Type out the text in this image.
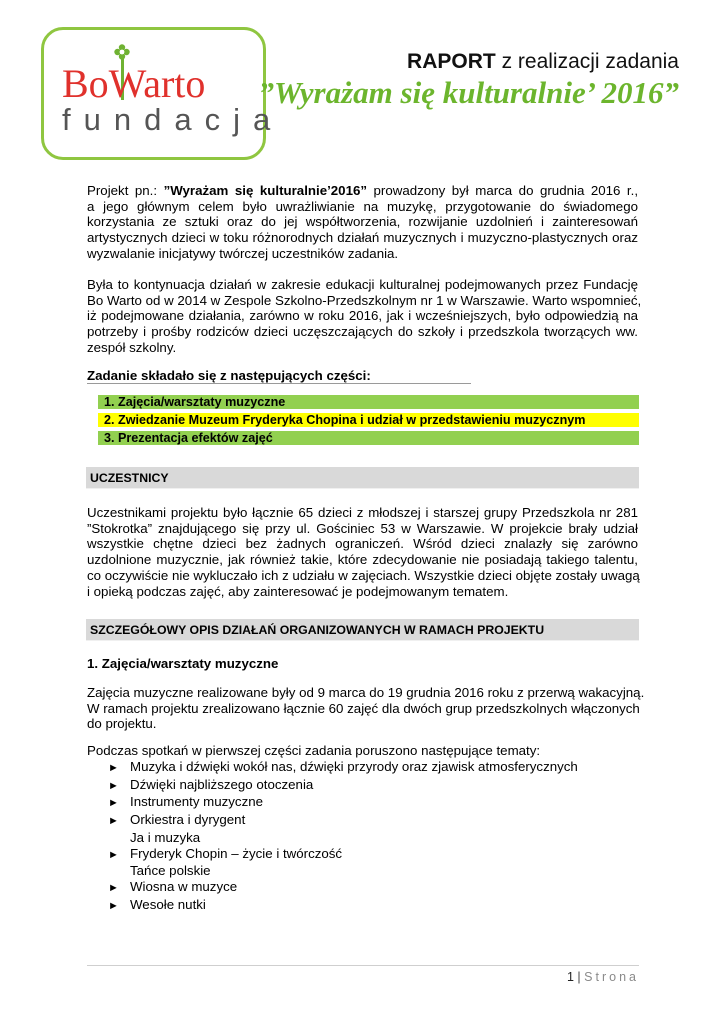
BoWarto
fundacja
RAPORT z realizacji zadania
”Wyrażam się kulturalnie’ 2016”
Projekt pn.: ”Wyrażam się kulturalnie’2016” prowadzony był marca do grudnia 2016 r.,
a jego głównym celem było uwrażliwianie na muzykę, przygotowanie do świadomego
korzystania ze sztuki oraz do jej współtworzenia, rozwijanie uzdolnień i zainteresowań
artystycznych dzieci w toku różnorodnych działań muzycznych i muzyczno-plastycznych oraz
wyzwalanie inicjatywy twórczej uczestników zadania.
Była to kontynuacja działań w zakresie edukacji kulturalnej podejmowanych przez Fundację
Bo Warto od w 2014 w Zespole Szkolno-Przedszkolnym nr 1 w Warszawie. Warto wspomnieć,
iż podejmowane działania, zarówno w roku 2016, jak i wcześniejszych, było odpowiedzią na
potrzeby i prośby rodziców dzieci uczęszczających do szkoły i przedszkola tworzących ww.
zespół szkolny.
Zadanie składało się z następujących części:
1. Zajęcia/warsztaty muzyczne
2. Zwiedzanie Muzeum Fryderyka Chopina i udział w przedstawieniu muzycznym
3. Prezentacja efektów zajęć
UCZESTNICY
Uczestnikami projektu było łącznie 65 dzieci z młodszej i starszej grupy Przedszkola nr 281
”Stokrotka” znajdującego się przy ul. Gościniec 53 w Warszawie. W projekcie brały udział
wszystkie chętne dzieci bez żadnych ograniczeń. Wśród dzieci znalazły się zarówno
uzdolnione muzycznie, jak również takie, które zdecydowanie nie posiadają takiego talentu,
co oczywiście nie wykluczało ich z udziału w zajęciach. Wszystkie dzieci objęte zostały uwagą
i opieką podczas zajęć, aby zainteresować je podejmowanym tematem.
SZCZEGÓŁOWY OPIS DZIAŁAŃ ORGANIZOWANYCH W RAMACH PROJEKTU
1. Zajęcia/warsztaty muzyczne
Zajęcia muzyczne realizowane były od 9 marca do 19 grudnia 2016 roku z przerwą wakacyjną.
W ramach projektu zrealizowano łącznie 60 zajęć dla dwóch grup przedszkolnych włączonych
do projektu.
Podczas spotkań w pierwszej części zadania poruszono następujące tematy:
► Muzyka i dźwięki wokół nas, dźwięki przyrody oraz zjawisk atmosferycznych
► Dźwięki najbliższego otoczenia
► Instrumenty muzyczne
► Orkiestra i dyrygent
Ja i muzyka
► Fryderyk Chopin – życie i twórczość
Tańce polskie
► Wiosna w muzyce
► Wesołe nutki
1 | Strona
